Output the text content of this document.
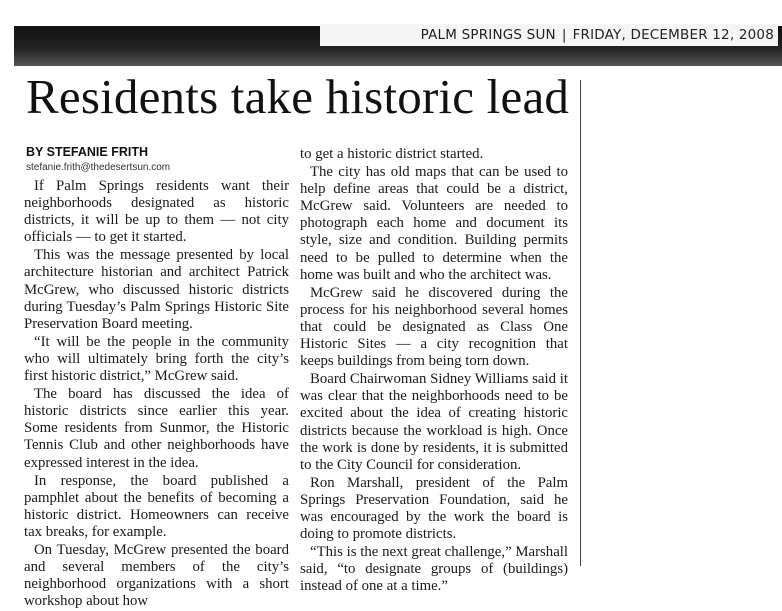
PALM SPRINGS SUN | FRIDAY, DECEMBER 12, 2008
Residents take historic lead
BY STEFANIE FRITH
stefanie.frith@thedesertsun.com

If Palm Springs residents want their neighborhoods designated as historic districts, it will be up to them — not city officials — to get it started.

This was the message presented by local architecture historian and architect Patrick McGrew, who discussed historic districts during Tuesday’s Palm Springs Historic Site Preservation Board meeting.

“It will be the people in the community who will ultimately bring forth the city’s first historic district,” McGrew said.

The board has discussed the idea of historic districts since earlier this year. Some residents from Sunmor, the Historic Tennis Club and other neighborhoods have expressed interest in the idea.

In response, the board published a pamphlet about the benefits of becoming a historic district. Homeowners can receive tax breaks, for example.

On Tuesday, McGrew presented the board and several members of the city’s neighborhood organizations with a short workshop about how

to get a historic district started.

The city has old maps that can be used to help define areas that could be a district, McGrew said. Volunteers are needed to photograph each home and document its style, size and condition. Building permits need to be pulled to determine when the home was built and who the architect was.

McGrew said he discovered during the process for his neighborhood several homes that could be designated as Class One Historic Sites — a city recognition that keeps buildings from being torn down.

Board Chairwoman Sidney Williams said it was clear that the neighborhoods need to be excited about the idea of creating historic districts because the workload is high. Once the work is done by residents, it is submitted to the City Council for consideration.

Ron Marshall, president of the Palm Springs Preservation Foundation, said he was encouraged by the work the board is doing to promote districts.

“This is the next great challenge,” Marshall said, “to designate groups of (buildings) instead of one at a time.”
